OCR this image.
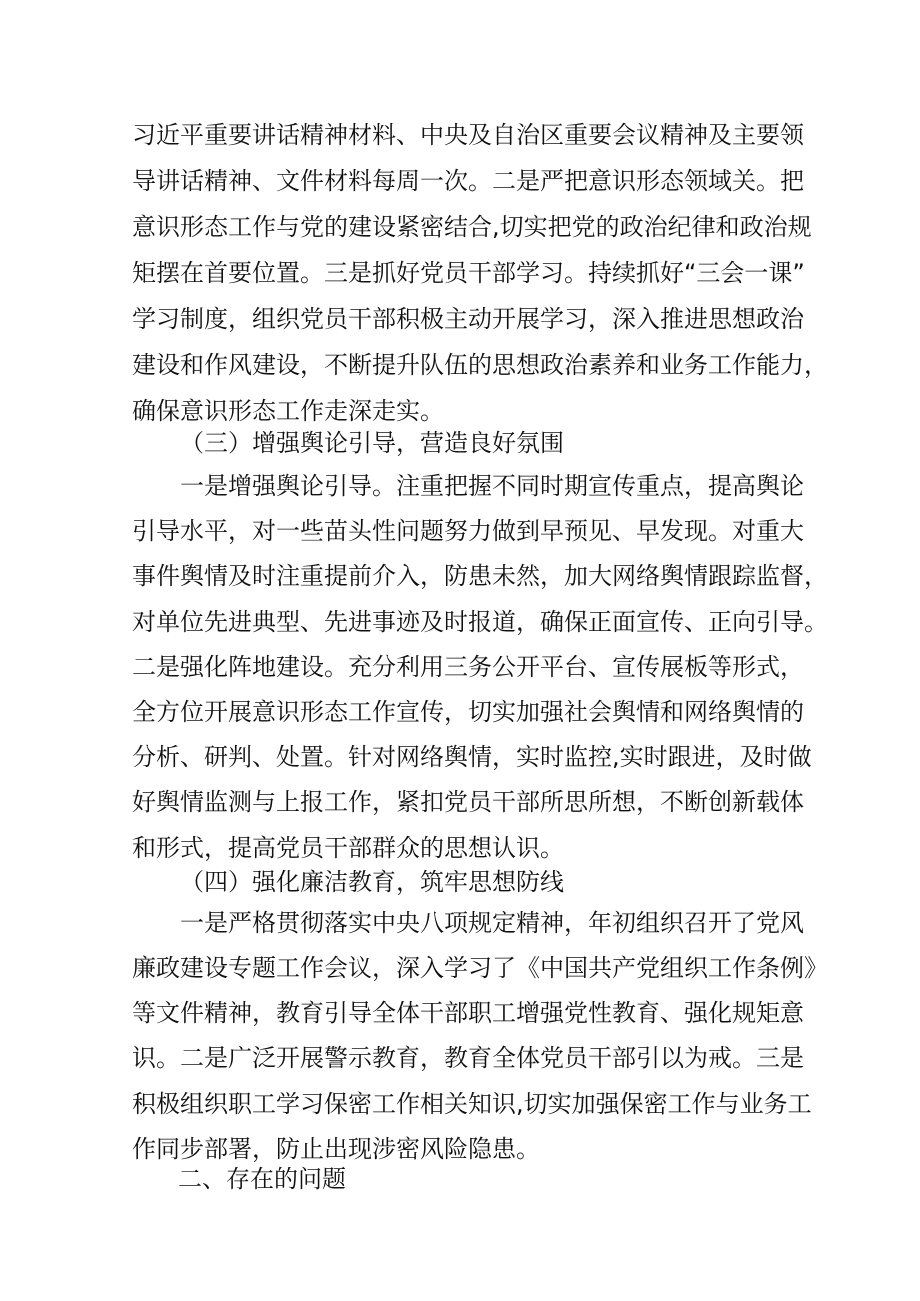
习近平重要讲话精神材料、中央及自治区重要会议精神及主要领
导讲话精神、文件材料每周一次。二是严把意识形态领域关。把
意识形态工作与党的建设紧密结合,切实把党的政治纪律和政治规
矩摆在首要位置。三是抓好党员干部学习。持续抓好“三会一课”
学习制度，组织党员干部积极主动开展学习，深入推进思想政治
建设和作风建设，不断提升队伍的思想政治素养和业务工作能力，
确保意识形态工作走深走实。
（三）增强舆论引导，营造良好氛围
一是增强舆论引导。注重把握不同时期宣传重点，提高舆论
引导水平，对一些苗头性问题努力做到早预见、早发现。对重大
事件舆情及时注重提前介入，防患未然，加大网络舆情跟踪监督，
对单位先进典型、先进事迹及时报道，确保正面宣传、正向引导。
二是强化阵地建设。充分利用三务公开平台、宣传展板等形式，
全方位开展意识形态工作宣传，切实加强社会舆情和网络舆情的
分析、研判、处置。针对网络舆情，实时监控,实时跟进，及时做
好舆情监测与上报工作，紧扣党员干部所思所想，不断创新载体
和形式，提高党员干部群众的思想认识。
（四）强化廉洁教育，筑牢思想防线
一是严格贯彻落实中央八项规定精神，年初组织召开了党风
廉政建设专题工作会议，深入学习了《中国共产党组织工作条例》
等文件精神，教育引导全体干部职工增强党性教育、强化规矩意
识。二是广泛开展警示教育，教育全体党员干部引以为戒。三是
积极组织职工学习保密工作相关知识,切实加强保密工作与业务工
作同步部署，防止出现涉密风险隐患。
二、存在的问题
